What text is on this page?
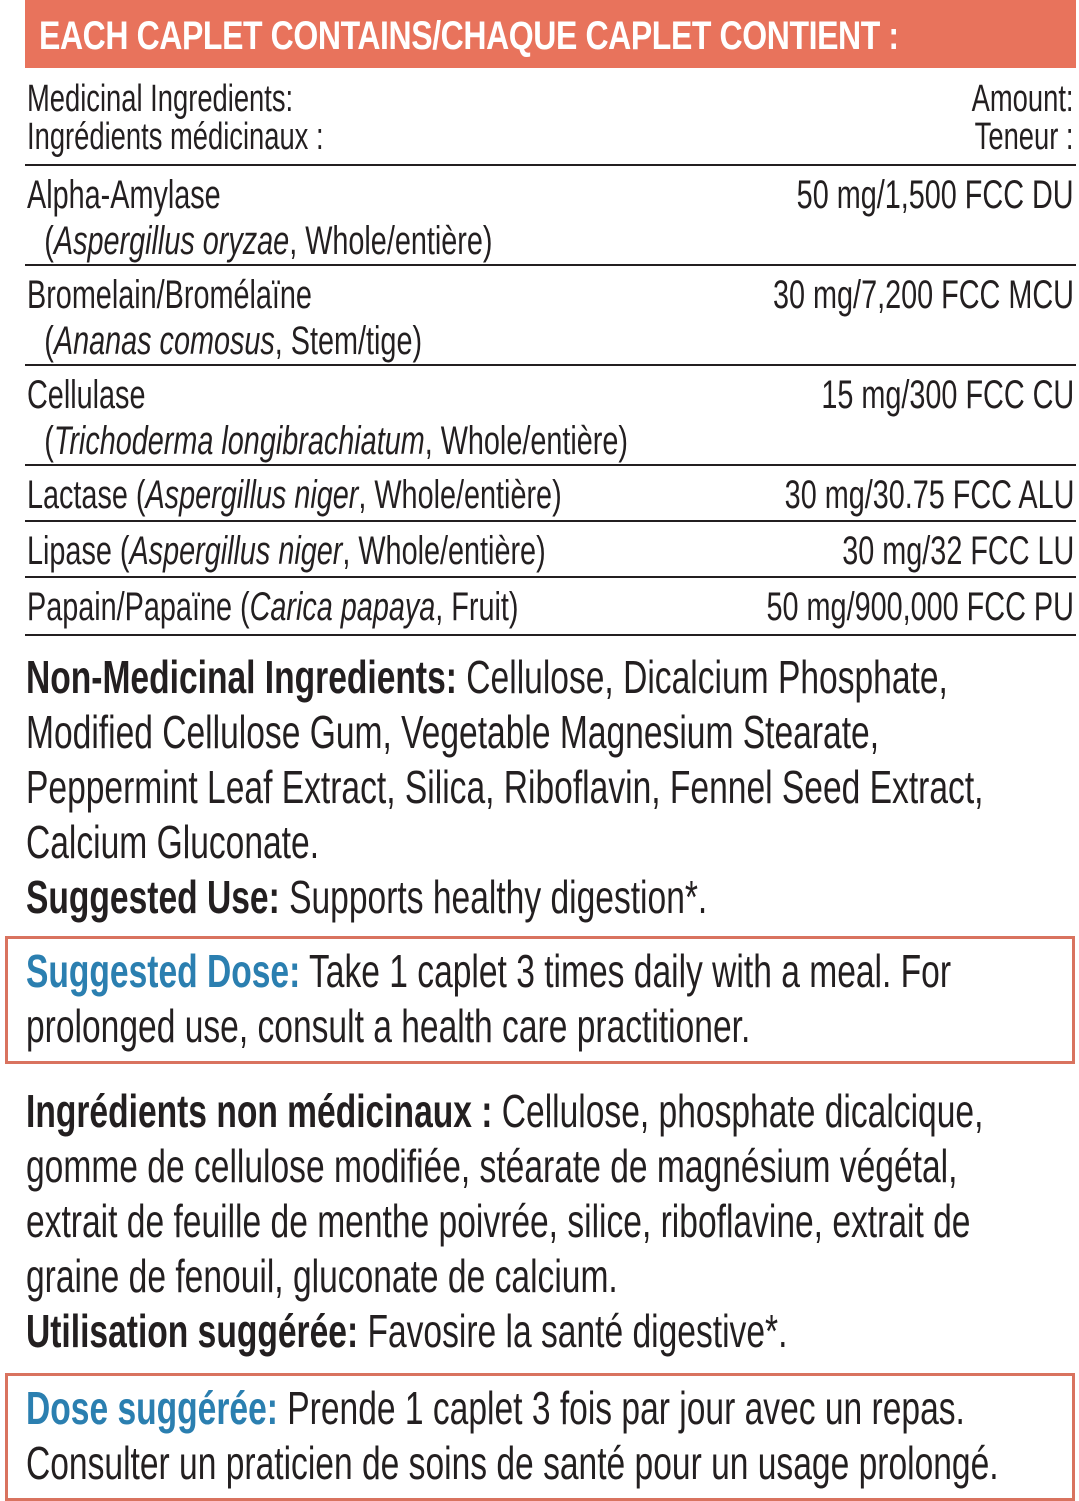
EACH CAPLET CONTAINS/CHAQUE CAPLET CONTIENT :
Medicinal Ingredients:
Ingrédients médicinaux :
Amount:
Teneur :
Alpha-Amylase
(Aspergillus oryzae, Whole/entière)
50 mg/1,500 FCC DU
Bromelain/Bromélaïne
(Ananas comosus, Stem/tige)
30 mg/7,200 FCC MCU
Cellulase
(Trichoderma longibrachiatum, Whole/entière)
15 mg/300 FCC CU
Lactase (Aspergillus niger, Whole/entière)	30 mg/30.75 FCC ALU
Lipase (Aspergillus niger, Whole/entière)	30 mg/32 FCC LU
Papain/Papaïne (Carica papaya, Fruit)	50 mg/900,000 FCC PU
Non-Medicinal Ingredients: Cellulose, Dicalcium Phosphate, Modified Cellulose Gum, Vegetable Magnesium Stearate, Peppermint Leaf Extract, Silica, Riboflavin, Fennel Seed Extract, Calcium Gluconate.
Suggested Use: Supports healthy digestion*.
Suggested Dose: Take 1 caplet 3 times daily with a meal. For prolonged use, consult a health care practitioner.
Ingrédients non médicinaux : Cellulose, phosphate dicalcique, gomme de cellulose modifiée, stéarate de magnésium végétal, extrait de feuille de menthe poivrée, silice, riboflavine, extrait de graine de fenouil, gluconate de calcium.
Utilisation suggérée: Favosire la santé digestive*.
Dose suggérée: Prende 1 caplet 3 fois par jour avec un repas. Consulter un praticien de soins de santé pour un usage prolongé.
